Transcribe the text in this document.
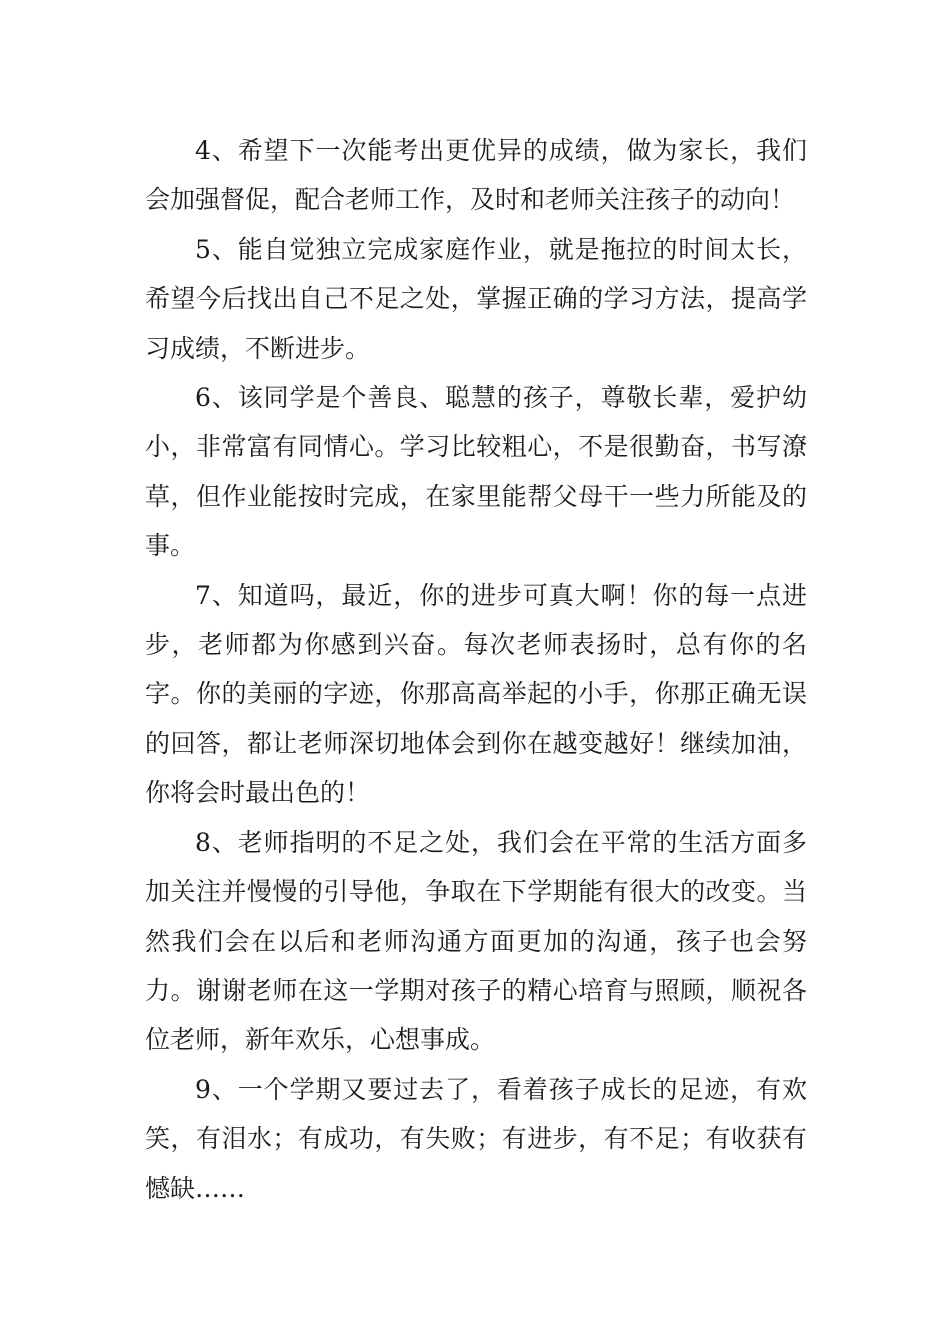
4、希望下一次能考出更优异的成绩，做为家长，我们会加强督促，配合老师工作，及时和老师关注孩子的动向！

5、能自觉独立完成家庭作业，就是拖拉的时间太长，希望今后找出自己不足之处，掌握正确的学习方法，提高学习成绩，不断进步。

6、该同学是个善良、聪慧的孩子，尊敬长辈，爱护幼小，非常富有同情心。学习比较粗心，不是很勤奋，书写潦草，但作业能按时完成，在家里能帮父母干一些力所能及的事。

7、知道吗，最近，你的进步可真大啊！你的每一点进步，老师都为你感到兴奋。每次老师表扬时，总有你的名字。你的美丽的字迹，你那高高举起的小手，你那正确无误的回答，都让老师深切地体会到你在越变越好！继续加油，你将会时最出色的！

8、老师指明的不足之处，我们会在平常的生活方面多加关注并慢慢的引导他，争取在下学期能有很大的改变。当然我们会在以后和老师沟通方面更加的沟通，孩子也会努力。谢谢老师在这一学期对孩子的精心培育与照顾，顺祝各位老师，新年欢乐，心想事成。

9、一个学期又要过去了，看着孩子成长的足迹，有欢笑，有泪水；有成功，有失败；有进步，有不足；有收获有憾缺……
